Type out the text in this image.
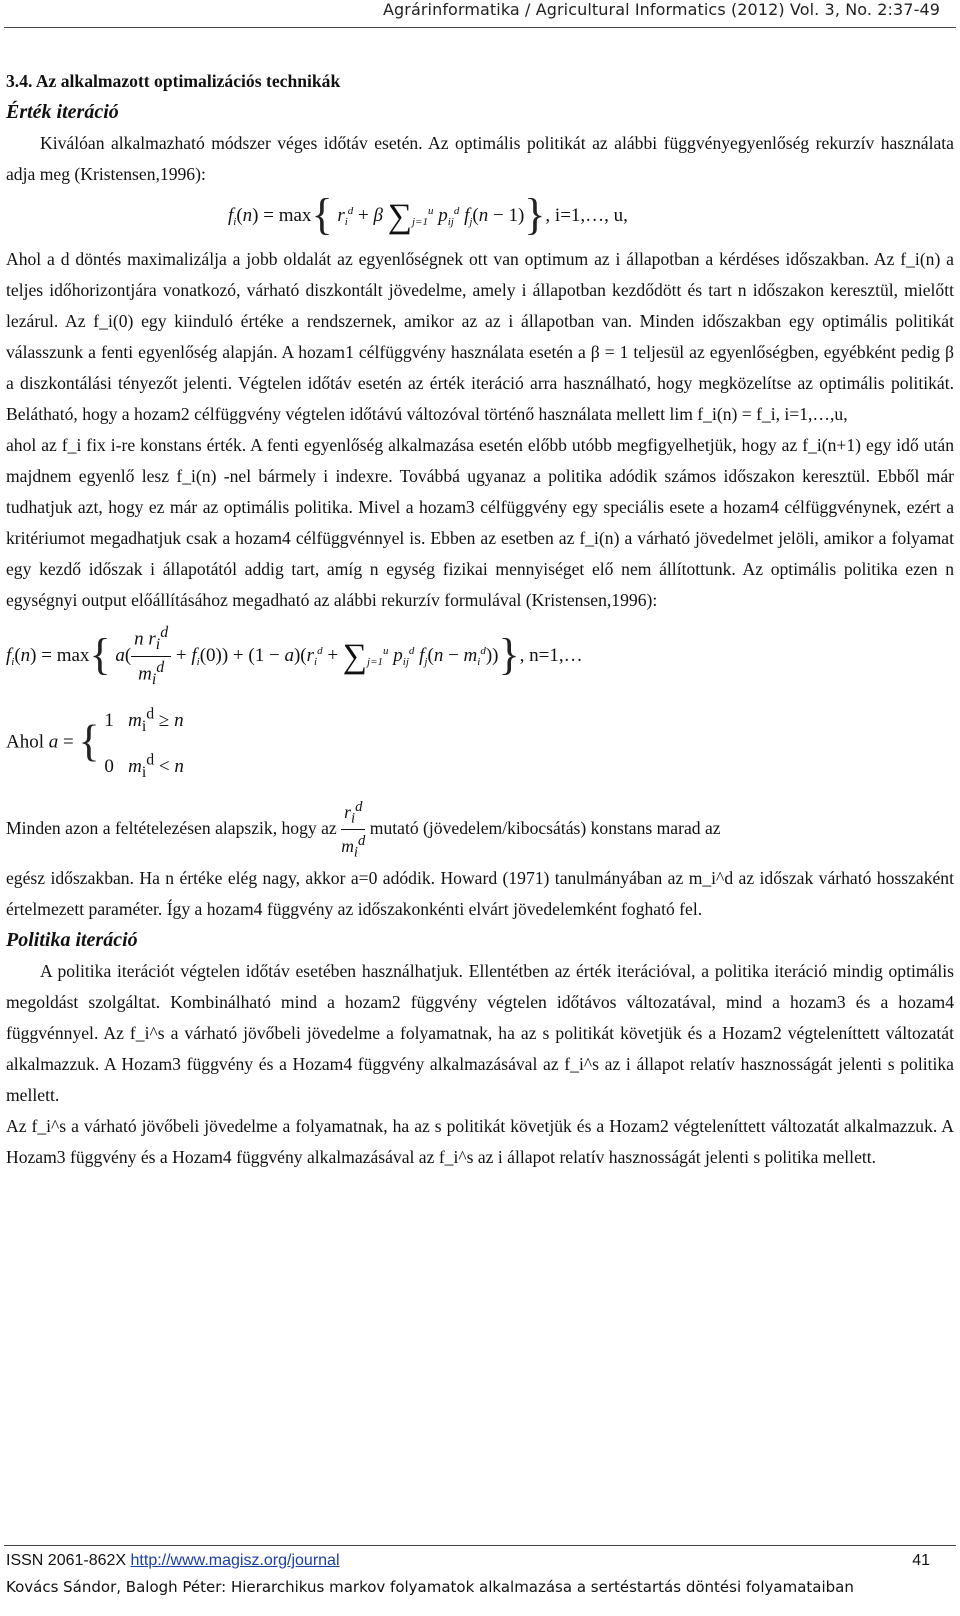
Agrárinformatika / Agricultural Informatics (2012) Vol. 3, No. 2:37-49

3.4. Az alkalmazott optimalizációs technikák

Érték iteráció

Kiválóan alkalmazható módszer véges időtáv esetén. Az optimális politikát az alábbi függvényegyenlőség rekurzív használata adja meg (Kristensen,1996):

$f_i(n) = \max${ $r_i^d + \beta$ $\sum_{j=1}^u$ $p_{ij}^d$ $f_j(n - 1)$}, i=1,…, u,

Ahol a d döntés maximalizálja a jobb oldalát az egyenlőségnek ott van optimum az i állapotban a kérdéses időszakban. Az f_i(n) a teljes időhorizontjára vonatkozó, várható diszkontált jövedelme, amely i állapotban kezdődött és tart n időszakon keresztül, mielőtt lezárul. Az f_i(0) egy kiinduló értéke a rendszernek, amikor az az i állapotban van. Minden időszakban egy optimális politikát válasszunk a fenti egyenlőség alapján. A hozam1 célfüggvény használata esetén a β = 1 teljesül az egyenlőségben, egyébként pedig β a diszkontálási tényezőt jelenti. Végtelen időtáv esetén az érték iteráció arra használható, hogy megközelítse az optimális politikát. Belátható, hogy a hozam2 célfüggvény végtelen időtávú változóval történő használata mellett lim f_i(n) = f_i, i=1,…,u,

ahol az f_i fix i-re konstans érték. A fenti egyenlőség alkalmazása esetén előbb utóbb megfigyelhetjük, hogy az f_i(n+1) egy idő után majdnem egyenlő lesz f_i(n) -nel bármely i indexre. Továbbá ugyanaz a politika adódik számos időszakon keresztül. Ebből már tudhatjuk azt, hogy ez már az optimális politika. Mivel a hozam3 célfüggvény egy speciális esete a hozam4 célfüggvénynek, ezért a kritériumot megadhatjuk csak a hozam4 célfüggvénnyel is. Ebben az esetben az f_i(n) a várható jövedelmet jelöli, amikor a folyamat egy kezdő időszak i állapotától addig tart, amíg n egység fizikai mennyiséget elő nem állítottunk. Az optimális politika ezen n egységnyi output előállításához megadható az alábbi rekurzív formulával (Kristensen,1996):

$f_i(n) = \max${ $a( \frac{n r_i^d}{m_i^d} + f_i(0)) + (1 - a)(r_i^d + \sum_{j=1}^u$ $p_{ij}^d$ $f_j(n - m_i^d)$)}, n=1,…
Ahol a = { 1   $m_i^d \ge n$
0   $m_i^d < n$

Minden azon a feltételezésen alapszik, hogy az $\frac{r_i^d}{m_i^d}$ mutató (jövedelem/kibocsátás) konstans marad az

egész időszakban. Ha n értéke elég nagy, akkor a=0 adódik. Howard (1971) tanulmányában az m_i^d az időszak várható hosszaként értelmezett paraméter. Így a hozam4 függvény az időszakonkénti elvárt jövedelemként fogható fel.

Politika iteráció

A politika iterációt végtelen időtáv esetében használhatjuk. Ellentétben az érték iterációval, a politika iteráció mindig optimális megoldást szolgáltat. Kombinálható mind a hozam2 függvény végtelen időtávos változatával, mind a hozam3 és a hozam4 függvénnyel. Az f_i^s a várható jövőbeli jövedelme a folyamatnak, ha az s politikát követjük és a Hozam2 végteleníttett változatát alkalmazzuk. A Hozam3 függvény és a Hozam4 függvény alkalmazásával az f_i^s az i állapot relatív hasznosságát jelenti s politika mellett.

Az f_i^s a várható jövőbeli jövedelme a folyamatnak, ha az s politikát követjük és a Hozam2 végteleníttett változatát alkalmazzuk. A Hozam3 függvény és a Hozam4 függvény alkalmazásával az f_i^s az i állapot relatív hasznosságát jelenti s politika mellett.

ISSN 2061-862X http://www.magisz.org/journal	41
Kovács Sándor, Balogh Péter: Hierarchikus markov folyamatok alkalmazása a sertéstartás döntési folyamataiban
